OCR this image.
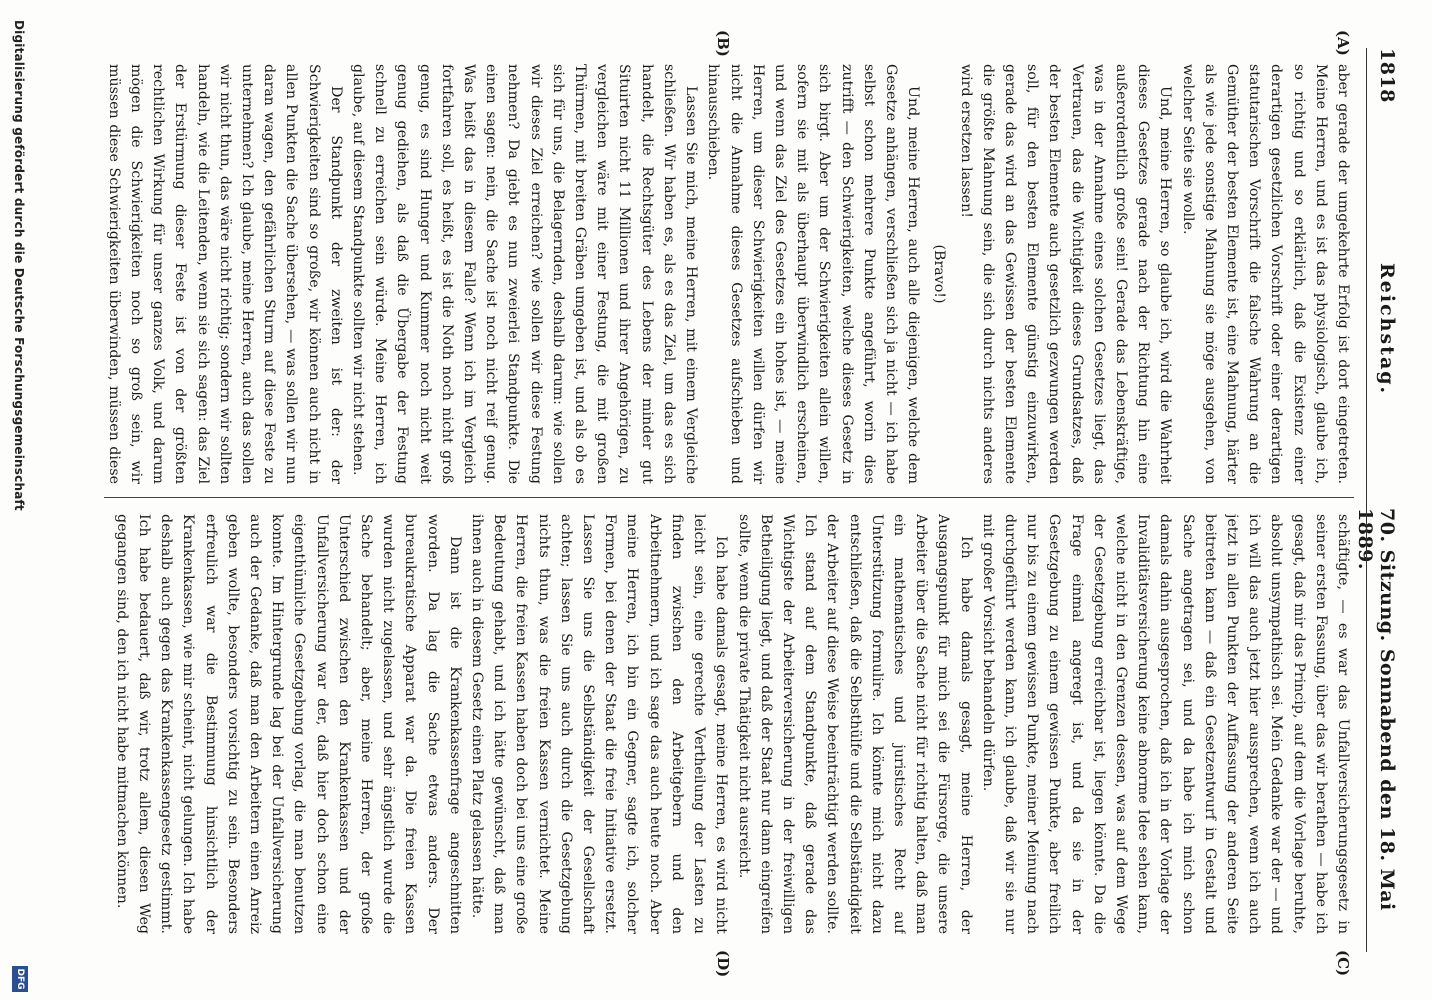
1818
Reichstag.
70. Sitzung. Sonnabend den 18. Mai 1889.
(A)
(B)
(C)
(D)

aber gerade der umgekehrte Erfolg ist dort eingetreten. Meine Herren, und es ist das physiologisch, glaube ich, so richtig und so erklärlich, daß die Existenz einer derartigen gesetzlichen Vorschrift oder einer derartigen statutarischen Vorschrift die falsche Wahrung an die Gemüther der besten Elemente ist, eine Mahnung, härter als wie jede sonstige Mahnung sie möge ausgehen, von welcher Seite sie wolle.

Und, meine Herren, so glaube ich, wird die Wahrheit dieses Gesetzes gerade nach der Richtung hin eine außerordentlich große sein! Gerade das Lebenskräftige, was in der Annahme eines solchen Gesetzes liegt, das Vertrauen, das die Wichtigkeit dieses Grundsatzes, daß der besten Elemente auch gesetzlich gezwungen werden soll, für den besten Elemente günstig einzuwirken, gerade das wird an das Gewissen der besten Elemente die größte Mahnung sein, die sich durch nichts anderes wird ersetzen lassen!

(Bravo!)

Und, meine Herren, auch alle diejenigen, welche dem Gesetze anhängen, verschließen sich ja nicht — ich habe selbst schon mehrere Punkte angeführt, worin dies zutrifft — den Schwierigkeiten, welche dieses Gesetz in sich birgt. Aber um der Schwierigkeiten allein willen, sofern sie mit als überhaupt überwindlich erscheinen, und wenn das Ziel des Gesetzes ein hohes ist, — meine Herren, um dieser Schwierigkeiten willen dürfen wir nicht die Annahme dieses Gesetzes aufschieben und hinausschieben.

Lassen Sie mich, meine Herren, mit einem Vergleiche schließen. Wir haben es, als es das Ziel, um das es sich handelt, die Rechtsgüter des Lebens der minder gut Situirten nicht 11 Millionen und ihrer Angehörigen, zu vergleichen wäre mit einer Festung, die mit großen Thürmen, mit breiten Gräben umgeben ist, und als ob es sich für uns, die Belagernden, deshalb darum: wie sollen wir dieses Ziel erreichen? wie sollen wir diese Festung nehmen? Da giebt es nun zweierlei Standpunkte. Die einen sagen: nein, die Sache ist noch nicht reif genug. Was heißt das in diesem Falle? Wenn ich im Vergleich fortfahren soll, es heißt, es ist die Noth noch nicht groß genug, es sind Hunger und Kummer noch nicht weit genug gediehen, als daß die Übergabe der Festung schnell zu erreichen sein würde. Meine Herren, ich glaube, auf diesem Standpunkte sollten wir nicht stehen.

Der Standpunkt der zweiten ist der: der Schwierigkeiten sind so große, wir können auch nicht in allen Punkten die Sache übersehen, — was sollen wir nun daran wagen, den gefährlichen Sturm auf diese Feste zu unternehmen? Ich glaube, meine Herren, auch das sollen wir nicht thun, das wäre nicht richtig; sondern wir sollten handeln, wie die Leitenden, wenn sie sich sagen: das Ziel der Erstürmung dieser Feste ist von der größten rechtlichen Wirkung für unser ganzes Volk, und darum mögen die Schwierigkeiten noch so groß sein, wir müssen diese Schwierigkeiten überwinden, müssen diese

schäftigte, — es war das Unfallversicherungsgesetz in seiner ersten Fassung, über das wir berathen — habe ich gesagt, daß mir das Princip, auf dem die Vorlage beruhte, absolut unsympathisch sei. Mein Gedanke war der — und ich will das auch jetzt hier aussprechen, wenn ich auch jetzt in allen Punkten der Auffassung der anderen Seite beitreten kann — daß ein Gesetzentwurf in Gestalt und Sache angetragen sei, und da habe ich mich schon damals dahin ausgesprochen, daß ich in der Vorlage der Invaliditätsversicherung keine abnorme Idee sehen kann, welche nicht in den Grenzen dessen, was auf dem Wege der Gesetzgebung erreichbar ist, liegen könnte. Da die Frage einmal angeregt ist, und da sie in der Gesetzgebung zu einem gewissen Punkte, aber freilich nur bis zu einem gewissen Punkte, meiner Meinung nach durchgeführt werden kann, ich glaube, daß wir sie nur mit großer Vorsicht behandeln dürfen.

Ich habe damals gesagt, meine Herren, der Ausgangspunkt für mich sei die Fürsorge, die unsere Arbeiter über die Sache nicht für richtig halten, daß man ein mathematisches und juristisches Recht auf Unterstützung formulire. Ich könnte mich nicht dazu entschließen, daß die Selbsthülfe und die Selbständigkeit der Arbeiter auf diese Weise beeinträchtigt werden sollte. Ich stand auf dem Standpunkte, daß gerade das Wichtigste der Arbeiterversicherung in der freiwilligen Betheiligung liegt, und daß der Staat nur dann eingreifen sollte, wenn die private Thätigkeit nicht ausreicht.

Ich habe damals gesagt, meine Herren, es wird nicht leicht sein, eine gerechte Vertheilung der Lasten zu finden zwischen den Arbeitgebern und den Arbeitnehmern, und ich sage das auch heute noch. Aber meine Herren, ich bin ein Gegner, sagte ich, solcher Formen, bei denen der Staat die freie Initiative ersetzt. Lassen Sie uns die Selbständigkeit der Gesellschaft achten; lassen Sie uns auch durch die Gesetzgebung nichts thun, was die freien Kassen vernichtet. Meine Herren, die freien Kassen haben doch bei uns eine große Bedeutung gehabt, und ich hätte gewünscht, daß man ihnen auch in diesem Gesetz einen Platz gelassen hätte.

Dann ist die Krankenkassenfrage angeschnitten worden. Da lag die Sache etwas anders. Der bureaukratische Apparat war da. Die freien Kassen wurden nicht zugelassen, und sehr ängstlich wurde die Sache behandelt; aber, meine Herren, der große Unterschied zwischen den Krankenkassen und der Unfallversicherung war der, daß hier doch schon eine eigenthümliche Gesetzgebung vorlag, die man benutzen konnte. Im Hintergrunde lag bei der Unfallversicherung auch der Gedanke, daß man den Arbeitern einen Anreiz geben wollte, besonders vorsichtig zu sein. Besonders erfreulich war die Bestimmung hinsichtlich der Krankenkassen, wie mir scheint, nicht gelungen. Ich habe deshalb auch gegen das Krankenkassengesetz gestimmt. Ich habe bedauert, daß wir, trotz allem, diesen Weg gegangen sind, den ich nicht habe mitmachen können.

Digitalisierung gefördert durch die Deutsche Forschungsgemeinschaft
DFG
